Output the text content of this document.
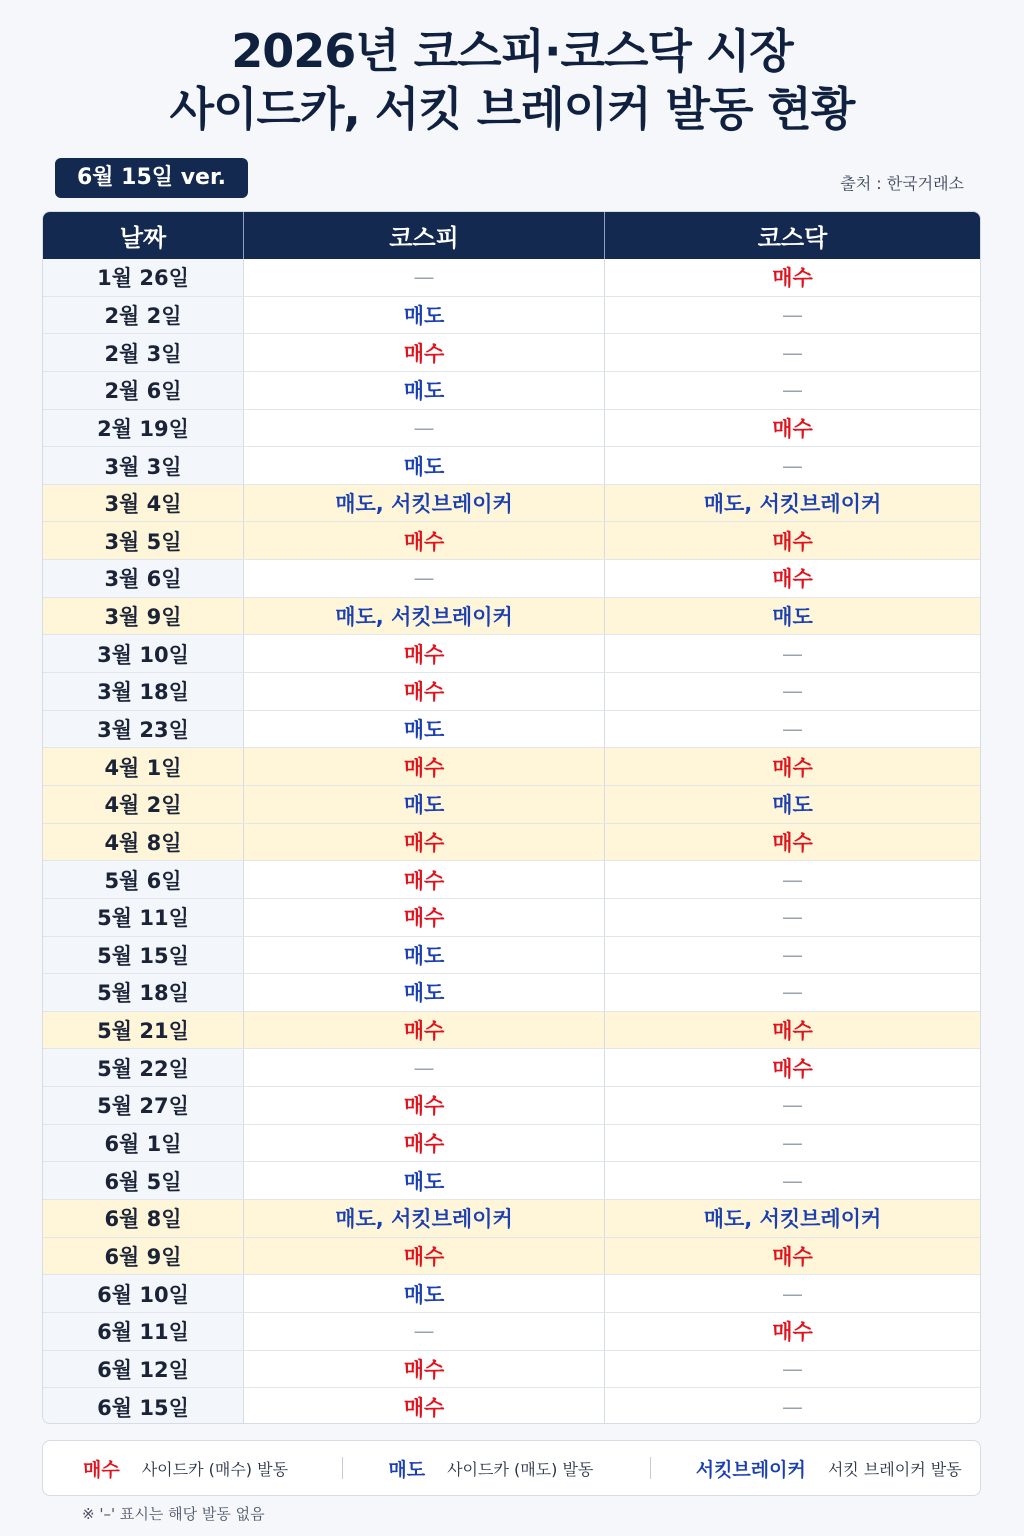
2026년 코스피·코스닥 시장
사이드카, 서킷 브레이커 발동 현황
6월 15일 ver.	출처 : 한국거래소
날짜	코스피	코스닥
1월 26일	—	매수
2월 2일	매도	—
2월 3일	매수	—
2월 6일	매도	—
2월 19일	—	매수
3월 3일	매도	—
3월 4일	매도, 서킷브레이커	매도, 서킷브레이커
3월 5일	매수	매수
3월 6일	—	매수
3월 9일	매도, 서킷브레이커	매도
3월 10일	매수	—
3월 18일	매수	—
3월 23일	매도	—
4월 1일	매수	매수
4월 2일	매도	매도
4월 8일	매수	매수
5월 6일	매수	—
5월 11일	매수	—
5월 15일	매도	—
5월 18일	매도	—
5월 21일	매수	매수
5월 22일	—	매수
5월 27일	매수	—
6월 1일	매수	—
6월 5일	매도	—
6월 8일	매도, 서킷브레이커	매도, 서킷브레이커
6월 9일	매수	매수
6월 10일	매도	—
6월 11일	—	매수
6월 12일	매수	—
6월 15일	매수	—
매수 사이드카 (매수) 발동	매도 사이드카 (매도) 발동	서킷브레이커 서킷 브레이커 발동
※ '–' 표시는 해당 발동 없음
